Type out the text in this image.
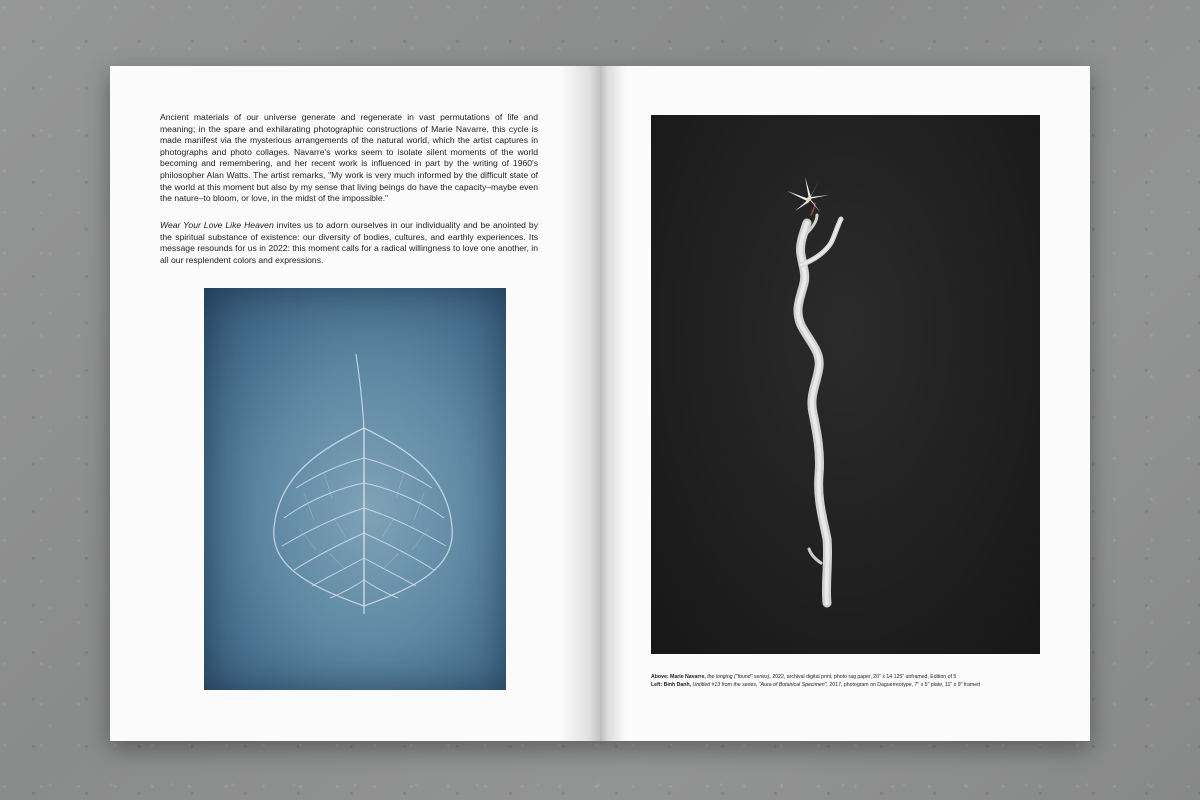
Ancient materials of our universe generate and regenerate in vast permutations of life and meaning; in the spare and exhilarating photographic constructions of Marie Navarre, this cycle is made manifest via the mysterious arrangements of the natural world, which the artist captures in photographs and photo collages. Navarre's works seem to isolate silent moments of the world becoming and remembering, and her recent work is influenced in part by the writing of 1960's philosopher Alan Watts. The artist remarks, "My work is very much informed by the difficult state of the world at this moment but also by my sense that living beings do have the capacity–maybe even the nature–to bloom, or love, in the midst of the impossible."

Wear Your Love Like Heaven invites us to adorn ourselves in our individuality and be anointed by the spiritual substance of existence: our diversity of bodies, cultures, and earthly experiences. Its message resounds for us in 2022: this moment calls for a radical willingness to love one another, in all our resplendent colors and expressions.

Above: Marie Navarre, the longing ("found" series), 2022, archival digital print, photo rag paper, 20" x 14.125" unframed, Edition of 5
Left: Binh Danh, Untitled #13 from the series, "Aura of Botanical Specimen", 2017, photogram on Daguerreotype, 7" x 5" plate, 11" x 9" framed
